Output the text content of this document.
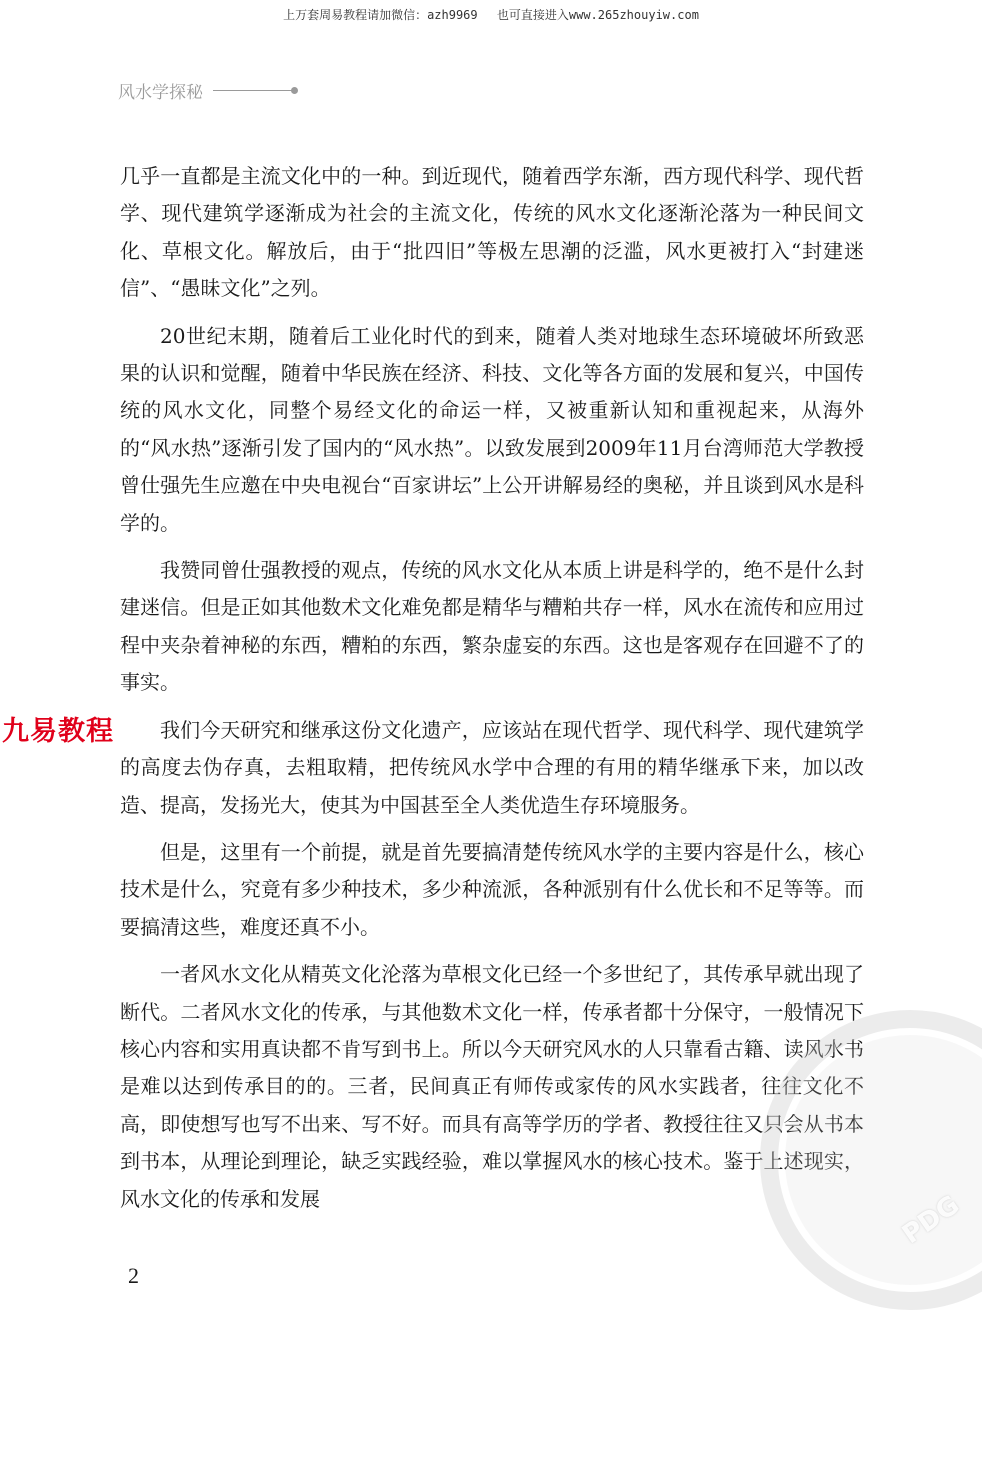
上万套周易教程请加微信：azh9969 也可直接进入www.265zhouyiw.com
风水学探秘

几乎一直都是主流文化中的一种。到近现代，随着西学东渐，西方现代科学、现代哲学、现代建筑学逐渐成为社会的主流文化，传统的风水文化逐渐沦落为一种民间文化、草根文化。解放后，由于“批四旧”等极左思潮的泛滥，风水更被打入“封建迷信”、“愚昧文化”之列。

20世纪末期，随着后工业化时代的到来，随着人类对地球生态环境破坏所致恶果的认识和觉醒，随着中华民族在经济、科技、文化等各方面的发展和复兴，中国传统的风水文化，同整个易经文化的命运一样，又被重新认知和重视起来，从海外的“风水热”逐渐引发了国内的“风水热”。以致发展到2009年11月台湾师范大学教授曾仕强先生应邀在中央电视台“百家讲坛”上公开讲解易经的奥秘，并且谈到风水是科学的。

我赞同曾仕强教授的观点，传统的风水文化从本质上讲是科学的，绝不是什么封建迷信。但是正如其他数术文化难免都是精华与糟粕共存一样，风水在流传和应用过程中夹杂着神秘的东西，糟粕的东西，繁杂虚妄的东西。这也是客观存在回避不了的事实。

我们今天研究和继承这份文化遗产，应该站在现代哲学、现代科学、现代建筑学的高度去伪存真，去粗取精，把传统风水学中合理的有用的精华继承下来，加以改造、提高，发扬光大，使其为中国甚至全人类优造生存环境服务。

但是，这里有一个前提，就是首先要搞清楚传统风水学的主要内容是什么，核心技术是什么，究竟有多少种技术，多少种流派，各种派别有什么优长和不足等等。而要搞清这些，难度还真不小。

一者风水文化从精英文化沦落为草根文化已经一个多世纪了，其传承早就出现了断代。二者风水文化的传承，与其他数术文化一样，传承者都十分保守，一般情况下核心内容和实用真诀都不肯写到书上。所以今天研究风水的人只靠看古籍、读风水书是难以达到传承目的的。三者，民间真正有师传或家传的风水实践者，往往文化不高，即使想写也写不出来、写不好。而具有高等学历的学者、教授往往又只会从书本到书本，从理论到理论，缺乏实践经验，难以掌握风水的核心技术。鉴于上述现实，风水文化的传承和发展

九易教程
PDG
2
